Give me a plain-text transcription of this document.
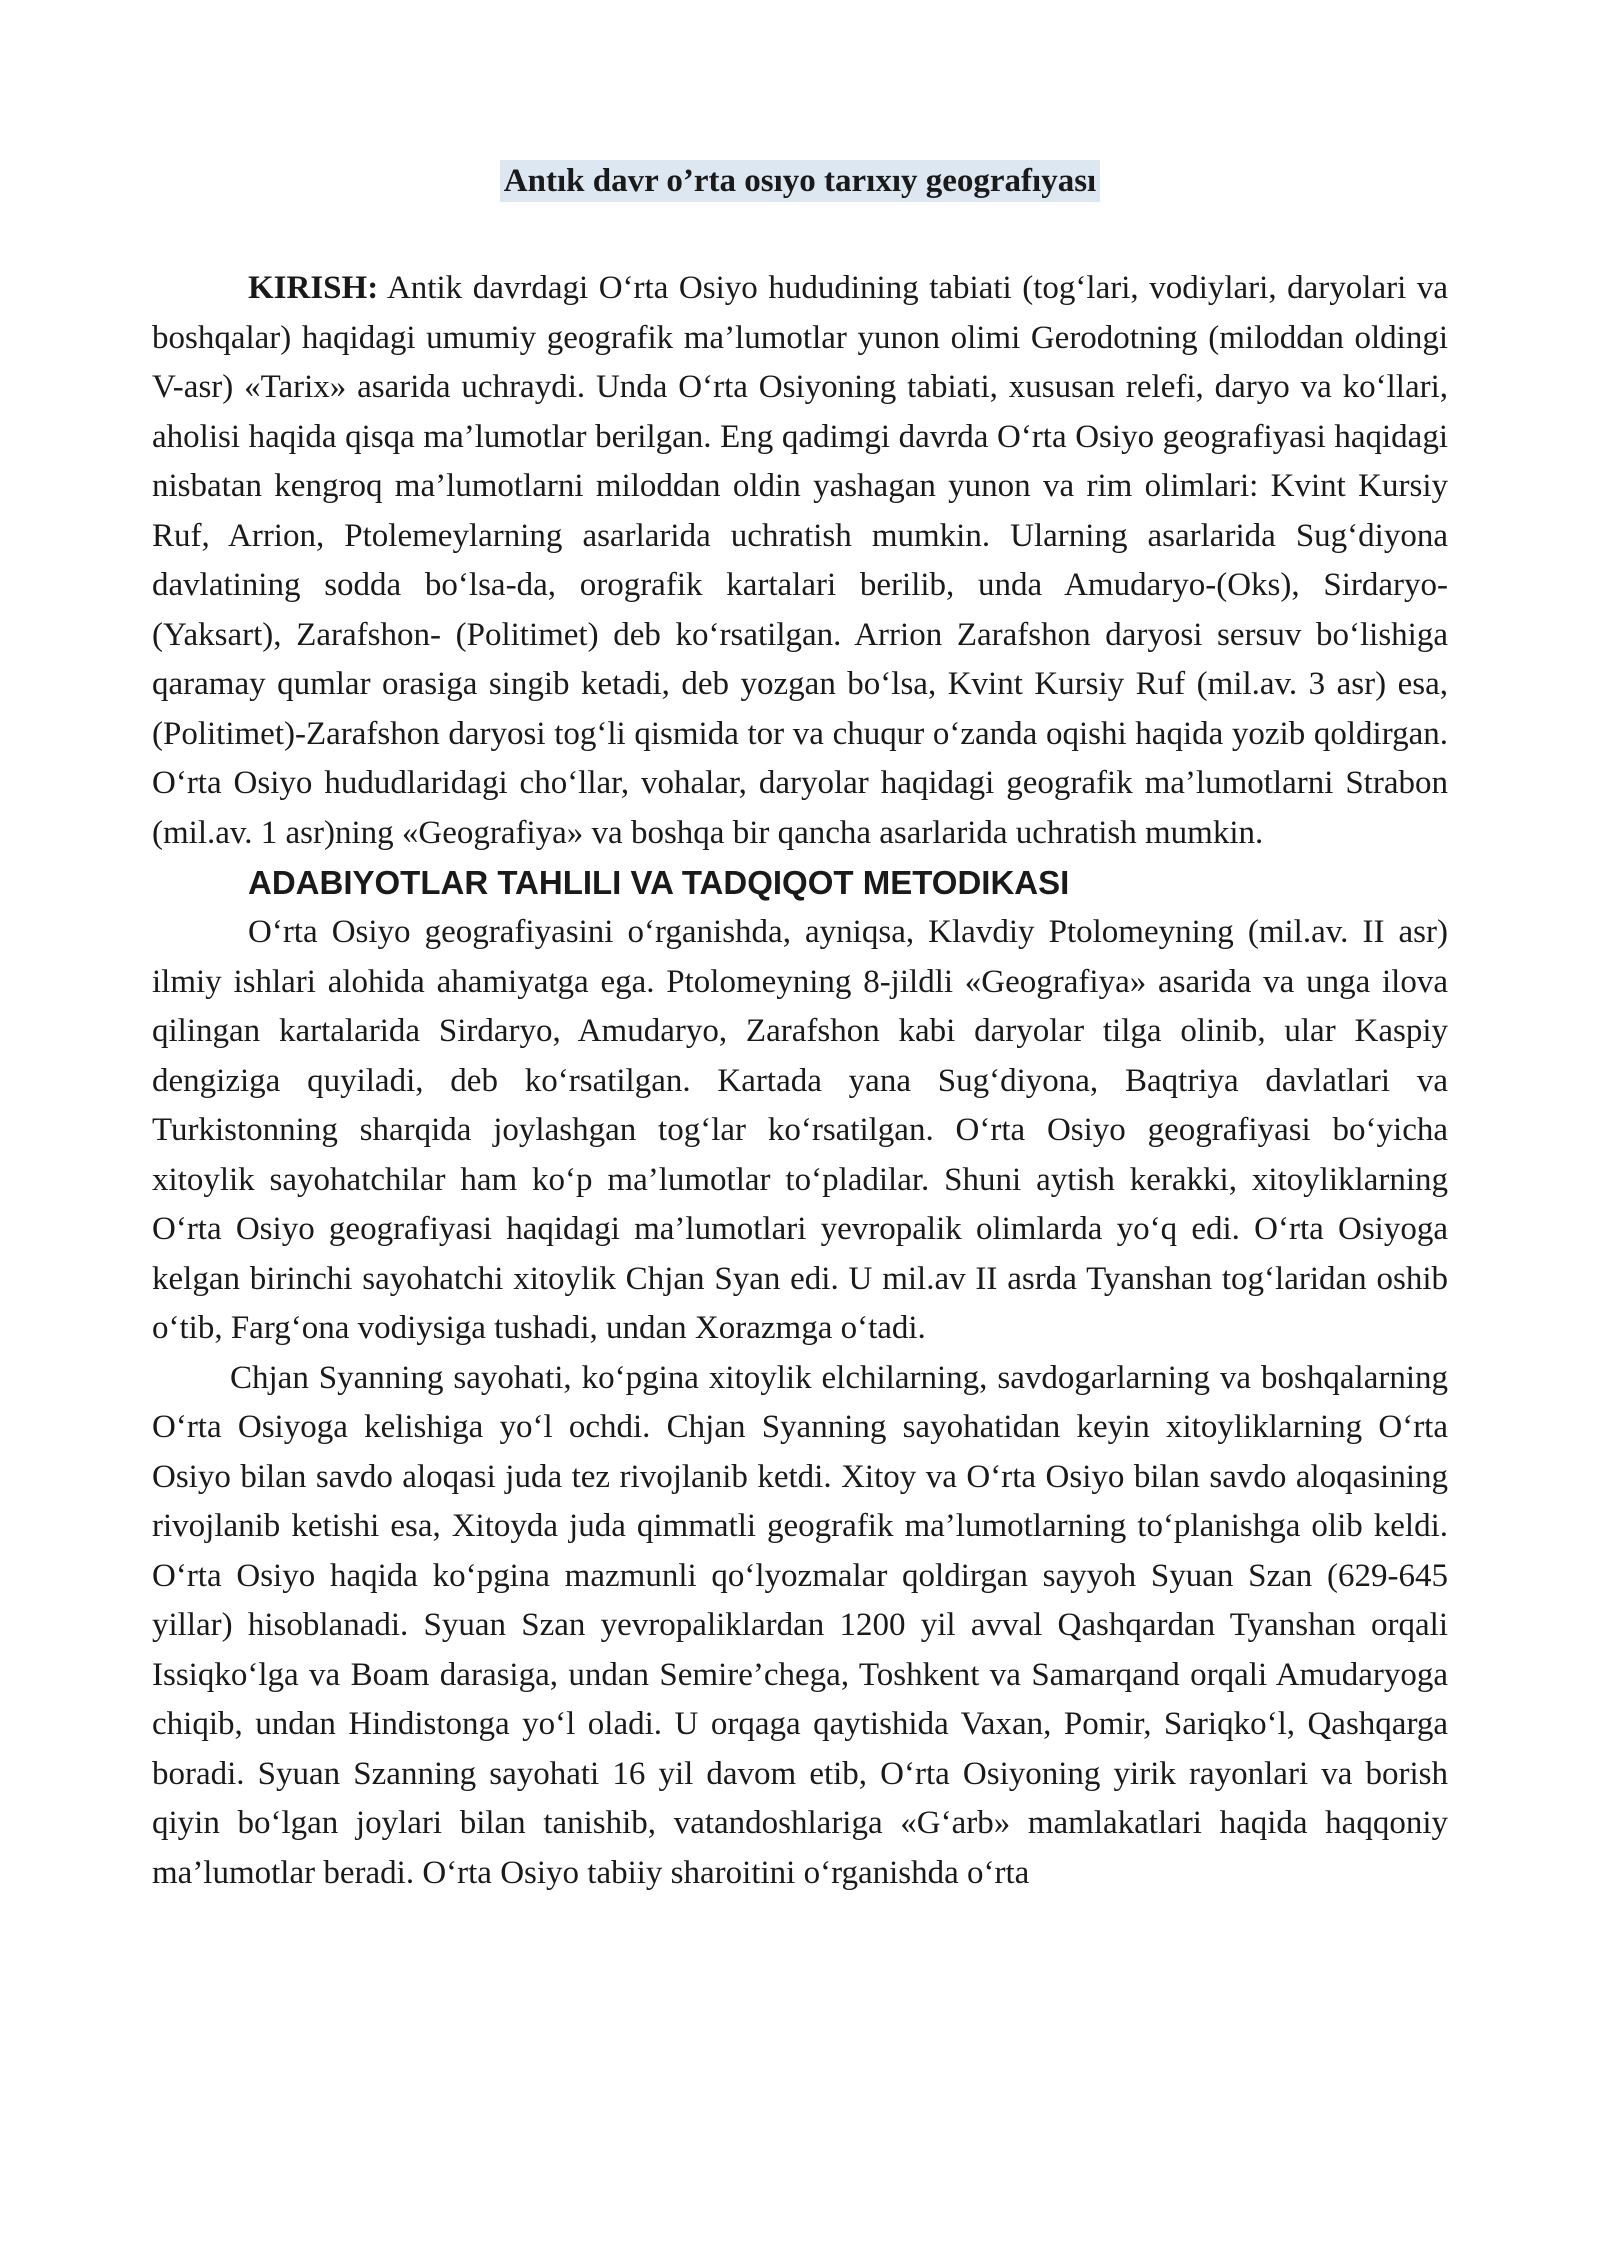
Antık davr o’rta osıyo tarıxıy geografıyası

KIRISH: Antik davrdagi O‘rta Osiyo hududining tabiati (tog‘lari, vodiylari, daryolari va boshqalar) haqidagi umumiy geografik ma’lumotlar yunon olimi Gerodotning (miloddan oldingi V-asr) «Tarix» asarida uchraydi. Unda O‘rta Osiyoning tabiati, xususan relefi, daryo va ko‘llari, aholisi haqida qisqa ma’lumotlar berilgan. Eng qadimgi davrda O‘rta Osiyo geografiyasi haqidagi nisbatan kengroq ma’lumotlarni miloddan oldin yashagan yunon va rim olimlari: Kvint Kursiy Ruf, Arrion, Ptolemeylarning asarlarida uchratish mumkin. Ularning asarlarida Sug‘diyona davlatining sodda bo‘lsa-da, orografik kartalari berilib, unda Amudaryo-(Oks), Sirdaryo-(Yaksart), Zarafshon- (Politimet) deb ko‘rsatilgan. Arrion Zarafshon daryosi sersuv bo‘lishiga qaramay qumlar orasiga singib ketadi, deb yozgan bo‘lsa, Kvint Kursiy Ruf (mil.av. 3 asr) esa, (Politimet)-Zarafshon daryosi tog‘li qismida tor va chuqur o‘zanda oqishi haqida yozib qoldirgan. O‘rta Osiyo hududlaridagi cho‘llar, vohalar, daryolar haqidagi geografik ma’lumotlarni Strabon (mil.av. 1 asr)ning «Geografiya» va boshqa bir qancha asarlarida uchratish mumkin.

ADABIYOTLAR TAHLILI VA TADQIQOT METODIKASI

O‘rta Osiyo geografiyasini o‘rganishda, ayniqsa, Klavdiy Ptolomeyning (mil.av. II asr) ilmiy ishlari alohida ahamiyatga ega. Ptolomeyning 8-jildli «Geografiya» asarida va unga ilova qilingan kartalarida Sirdaryo, Amudaryo, Zarafshon kabi daryolar tilga olinib, ular Kaspiy dengiziga quyiladi, deb ko‘rsatilgan. Kartada yana Sug‘diyona, Baqtriya davlatlari va Turkistonning sharqida joylashgan tog‘lar ko‘rsatilgan. O‘rta Osiyo geografiyasi bo‘yicha xitoylik sayohatchilar ham ko‘p ma’lumotlar to‘pladilar. Shuni aytish kerakki, xitoyliklarning O‘rta Osiyo geografiyasi haqidagi ma’lumotlari yevropalik olimlarda yo‘q edi. O‘rta Osiyoga kelgan birinchi sayohatchi xitoylik Chjan Syan edi. U mil.av II asrda Tyanshan tog‘laridan oshib o‘tib, Farg‘ona vodiysiga tushadi, undan Xorazmga o‘tadi.

Chjan Syanning sayohati, ko‘pgina xitoylik elchilarning, savdogarlarning va boshqalarning O‘rta Osiyoga kelishiga yo‘l ochdi. Chjan Syanning sayohatidan keyin xitoyliklarning O‘rta Osiyo bilan savdo aloqasi juda tez rivojlanib ketdi. Xitoy va O‘rta Osiyo bilan savdo aloqasining rivojlanib ketishi esa, Xitoyda juda qimmatli geografik ma’lumotlarning to‘planishga olib keldi. O‘rta Osiyo haqida ko‘pgina mazmunli qo‘lyozmalar qoldirgan sayyoh Syuan Szan (629-645 yillar) hisoblanadi. Syuan Szan yevropaliklardan 1200 yil avval Qashqardan Tyanshan orqali Issiqko‘lga va Boam darasiga, undan Semire’chega, Toshkent va Samarqand orqali Amudaryoga chiqib, undan Hindistonga yo‘l oladi. U orqaga qaytishida Vaxan, Pomir, Sariqko‘l, Qashqarga boradi. Syuan Szanning sayohati 16 yil davom etib, O‘rta Osiyoning yirik rayonlari va borish qiyin bo‘lgan joylari bilan tanishib, vatandoshlariga «G‘arb» mamlakatlari haqida haqqoniy ma’lumotlar beradi. O‘rta Osiyo tabiiy sharoitini o‘rganishda o‘rta
